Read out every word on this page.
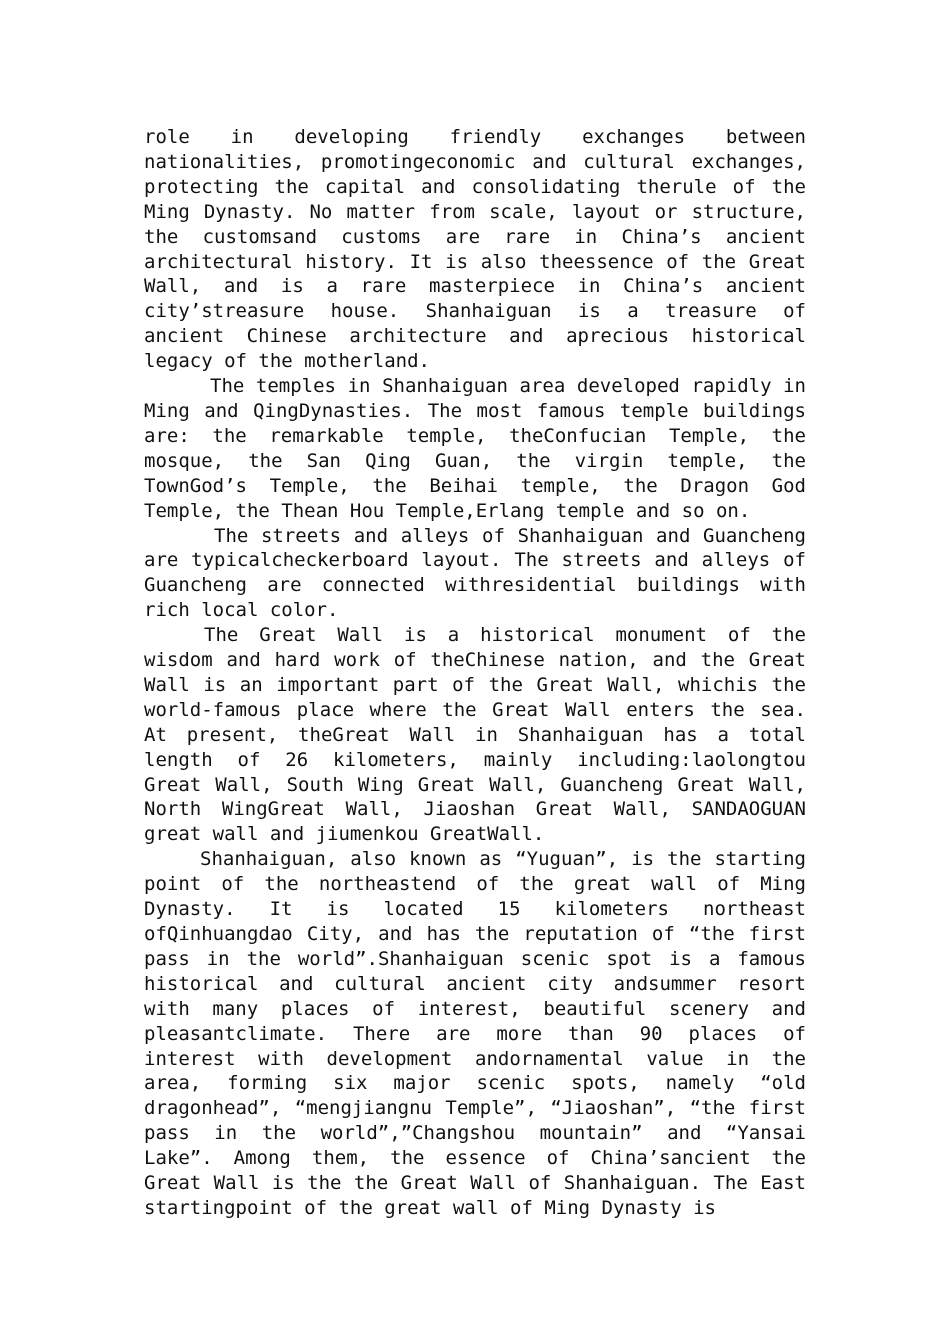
role in developing friendly exchanges between nationalities, promotingeconomic and cultural exchanges, protecting the capital and consolidating therule of the Ming Dynasty. No matter from scale, layout or structure, the customsand customs are rare in China’s ancient architectural history. It is also theessence of the Great Wall, and is a rare masterpiece in China’s ancient city’streasure house. Shanhaiguan is a treasure of ancient Chinese architecture and aprecious historical legacy of the motherland.

The temples in Shanhaiguan area developed rapidly in Ming and QingDynasties. The most famous temple buildings are: the remarkable temple, theConfucian Temple, the mosque, the San Qing Guan, the virgin temple, the TownGod’s Temple, the Beihai temple, the Dragon God Temple, the Thean Hou Temple,Erlang temple and so on.

The streets and alleys of Shanhaiguan and Guancheng are typicalcheckerboard layout. The streets and alleys of Guancheng are connected withresidential buildings with rich local color.

The Great Wall is a historical monument of the wisdom and hard work of theChinese nation, and the Great Wall is an important part of the Great Wall, whichis the world-famous place where the Great Wall enters the sea. At present, theGreat Wall in Shanhaiguan has a total length of 26 kilometers, mainly including:laolongtou Great Wall, South Wing Great Wall, Guancheng Great Wall, North WingGreat Wall, Jiaoshan Great Wall, SANDAOGUAN great wall and jiumenkou GreatWall.

Shanhaiguan, also known as “Yuguan”, is the starting point of the northeastend of the great wall of Ming Dynasty. It is located 15 kilometers northeast ofQinhuangdao City, and has the reputation of “the first pass in the world”.Shanhaiguan scenic spot is a famous historical and cultural ancient city andsummer resort with many places of interest, beautiful scenery and pleasantclimate. There are more than 90 places of interest with development andornamental value in the area, forming six major scenic spots, namely “old dragonhead”, “mengjiangnu Temple”, “Jiaoshan”, “the first pass in the world”,”Changshou mountain” and “Yansai Lake”. Among them, the essence of China’sancient the Great Wall is the the Great Wall of Shanhaiguan. The East startingpoint of the great wall of Ming Dynasty is
